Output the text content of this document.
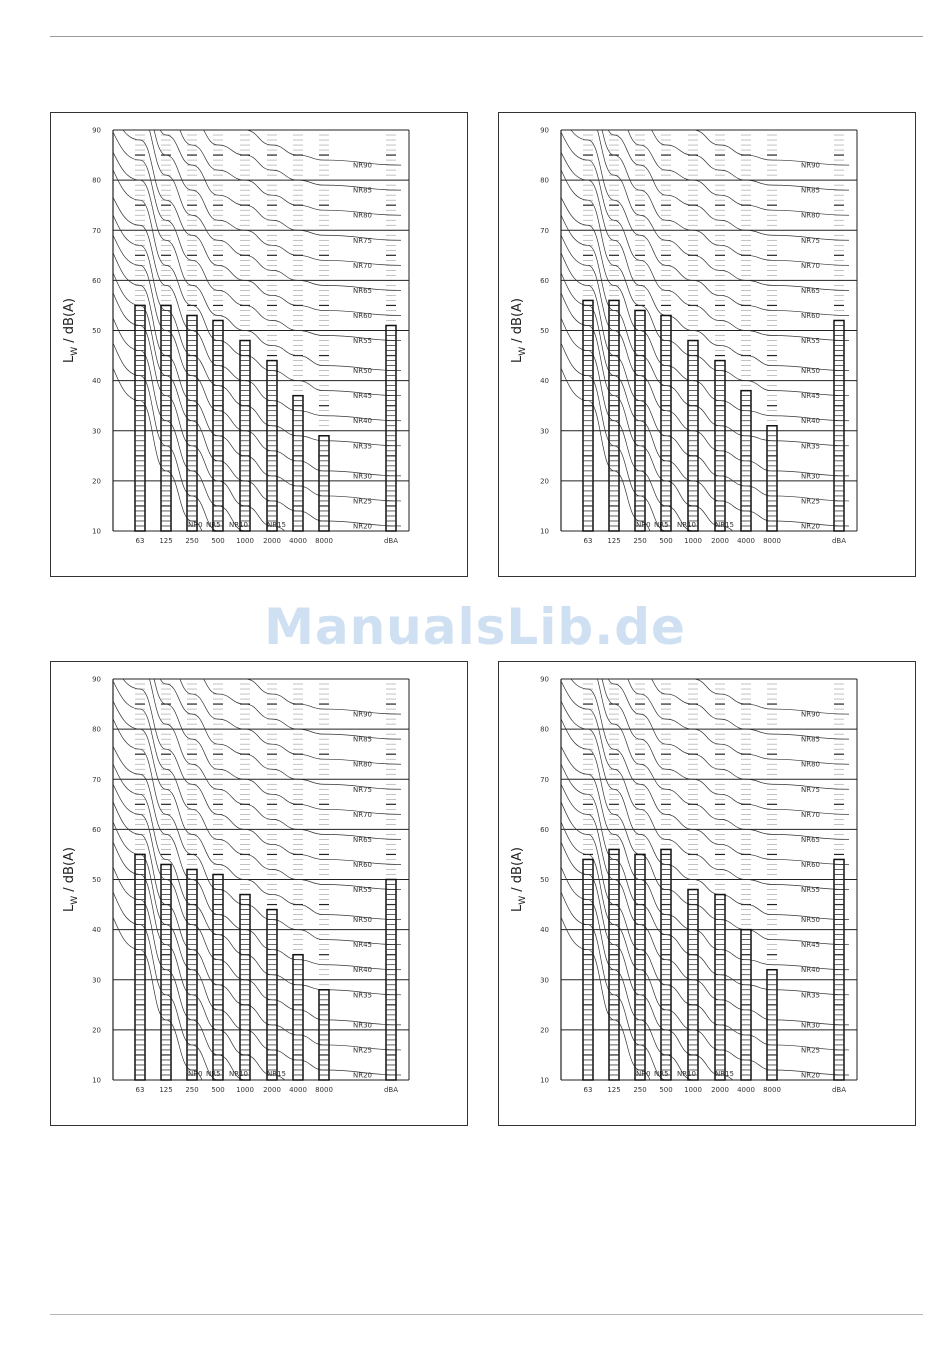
10
20
30
40
50
60
70
80
90
$L_W / dB(A)$
NR0 NR5 NR10	NR15	NR20
NR25
NR30
NR35
NR40
NR45
NR50
NR55
NR60
NR65
NR70
NR75
NR80
NR85
NR90
63 125 250 500 1000 2000 4000 8000	dBA
10
20
30
40
50
60
70
80
90
$L_W / dB(A)$
NR0 NR5 NR10	NR15	NR20
NR25
NR30
NR35
NR40
NR45
NR50
NR55
NR60
NR65
NR70
NR75
NR80
NR85
NR90
63 125 250 500 1000 2000 4000 8000	dBA
10
20
30
40
50
60
70
80
90
$L_W / dB(A)$
NR0 NR5 NR10	NR15	NR20
NR25
NR30
NR35
NR40
NR45
NR50
NR55
NR60
NR65
NR70
NR75
NR80
NR85
NR90
63 125 250 500 1000 2000 4000 8000	dBA
10
20
30
40
50
60
70
80
90
$L_W / dB(A)$
NR0 NR5 NR10	NR15	NR20
NR25
NR30
NR35
NR40
NR45
NR50
NR55
NR60
NR65
NR70
NR75
NR80
NR85
NR90
63 125 250 500 1000 2000 4000 8000	dBA
ManualsLib.de
